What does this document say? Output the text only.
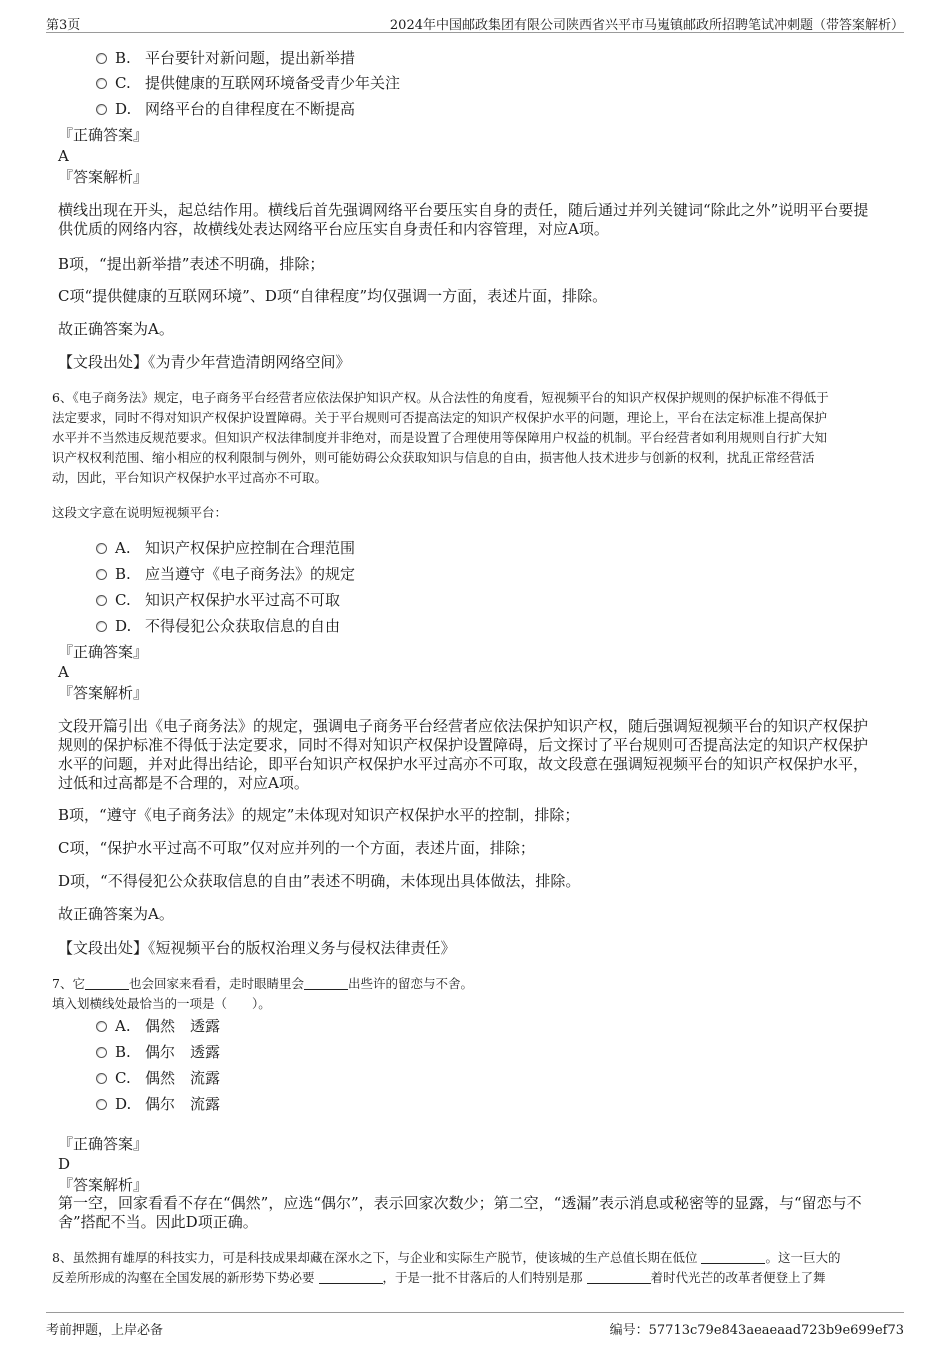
第3页	2024年中国邮政集团有限公司陕西省兴平市马嵬镇邮政所招聘笔试冲刺题（带答案解析）
B. 平台要针对新问题，提出新举措
C. 提供健康的互联网环境备受青少年关注
D. 网络平台的自律程度在不断提高
『正确答案』
A
『答案解析』
横线出现在开头，起总结作用。横线后首先强调网络平台要压实自身的责任，随后通过并列关键词“除此之外”说明平台要提
供优质的网络内容，故横线处表达网络平台应压实自身责任和内容管理，对应A项。
B项，“提出新举措”表述不明确，排除；
C项“提供健康的互联网环境”、D项“自律程度”均仅强调一方面，表述片面，排除。
故正确答案为A。
【文段出处】《为青少年营造清朗网络空间》
6、《电子商务法》规定，电子商务平台经营者应依法保护知识产权。从合法性的角度看，短视频平台的知识产权保护规则的保护标准不得低于
法定要求，同时不得对知识产权保护设置障碍。关于平台规则可否提高法定的知识产权保护水平的问题，理论上，平台在法定标准上提高保护
水平并不当然违反规范要求。但知识产权法律制度并非绝对，而是设置了合理使用等保障用户权益的机制。平台经营者如利用规则自行扩大知
识产权权利范围、缩小相应的权利限制与例外，则可能妨碍公众获取知识与信息的自由，损害他人技术进步与创新的权利，扰乱正常经营活
动，因此，平台知识产权保护水平过高亦不可取。
这段文字意在说明短视频平台：
A. 知识产权保护应控制在合理范围
B. 应当遵守《电子商务法》的规定
C. 知识产权保护水平过高不可取
D. 不得侵犯公众获取信息的自由
『正确答案』
A
『答案解析』
文段开篇引出《电子商务法》的规定，强调电子商务平台经营者应依法保护知识产权，随后强调短视频平台的知识产权保护
规则的保护标准不得低于法定要求，同时不得对知识产权保护设置障碍，后文探讨了平台规则可否提高法定的知识产权保护
水平的问题，并对此得出结论，即平台知识产权保护水平过高亦不可取，故文段意在强调短视频平台的知识产权保护水平，
过低和过高都是不合理的，对应A项。
B项，“遵守《电子商务法》的规定”未体现对知识产权保护水平的控制，排除；
C项，“保护水平过高不可取”仅对应并列的一个方面，表述片面，排除；
D项，“不得侵犯公众获取信息的自由”表述不明确，未体现出具体做法，排除。
故正确答案为A。
【文段出处】《短视频平台的版权治理义务与侵权法律责任》
7、它	也会回家来看看，走时眼睛里会	出些许的留恋与不舍。
填入划横线处最恰当的一项是（　　）。
A. 偶然　透露
B. 偶尔　透露
C. 偶然　流露
D. 偶尔　流露
『正确答案』
D
『答案解析』
第一空，回家看看不存在“偶然”，应选“偶尔”，表示回家次数少；第二空，“透漏”表示消息或秘密等的显露，与“留恋与不
舍”搭配不当。因此D项正确。
8、虽然拥有雄厚的科技实力，可是科技成果却藏在深水之下，与企业和实际生产脱节，使该城的生产总值长期在低位	。这一巨大的
反差所形成的沟壑在全国发展的新形势下势必要	，于是一批不甘落后的人们特别是那	着时代光芒的改革者便登上了舞
考前押题，上岸必备	编号：57713c79e843aeaeaad723b9e699ef73
